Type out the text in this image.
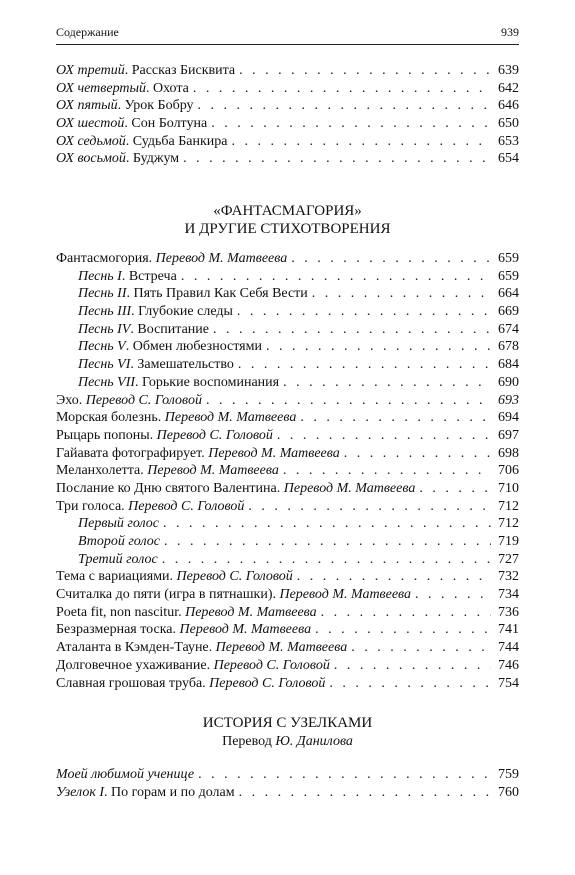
Содержание	939
ОХ третий. Рассказ Бисквита . . .	639
ОХ четвертый. Охота . . .	642
ОХ пятый. Урок Бобру . . .	646
ОХ шестой. Сон Болтуна . . .	650
ОХ седьмой. Судьба Банкира . . .	653
ОХ восьмой. Буджум . . .	654
«ФАНТАСМАГОРИЯ»
И ДРУГИЕ СТИХОТВОРЕНИЯ
Фантасмогория. Перевод М. Матвеева . . .	659
Песнь I. Встреча . . .	659
Песнь II. Пять Правил Как Себя Вести . . .	664
Песнь III. Глубокие следы . . .	669
Песнь IV. Воспитание . . .	674
Песнь V. Обмен любезностями . . .	678
Песнь VI. Замешательство . . .	684
Песнь VII. Горькие воспоминания . . .	690
Эхо. Перевод С. Головой . . .	693
Морская болезнь. Перевод М. Матвеева . . .	694
Рыцарь попоны. Перевод С. Головой . . .	697
Гайавата фотографирует. Перевод М. Матвеева . . .	698
Меланхолетта. Перевод М. Матвеева . . .	706
Послание ко Дню святого Валентина. Перевод М. Матвеева . . .	710
Три голоса. Перевод С. Головой . . .	712
Первый голос . . .	712
Второй голос . . .	719
Третий голос . . .	727
Тема с вариациями. Перевод С. Головой . . .	732
Считалка до пяти (игра в пятнашки). Перевод М. Матвеева . . .	734
Poeta fit, non nascitur. Перевод М. Матвеева . . .	736
Безразмерная тоска. Перевод М. Матвеева . . .	741
Аталанта в Кэмден-Тауне. Перевод М. Матвеева . . .	744
Долговечное ухаживание. Перевод С. Головой . . .	746
Славная грошовая труба. Перевод С. Головой . . .	754
ИСТОРИЯ С УЗЕЛКАМИ
Перевод Ю. Данилова
Моей любимой ученице . . .	759
Узелок I. По горам и по долам . . .	760
